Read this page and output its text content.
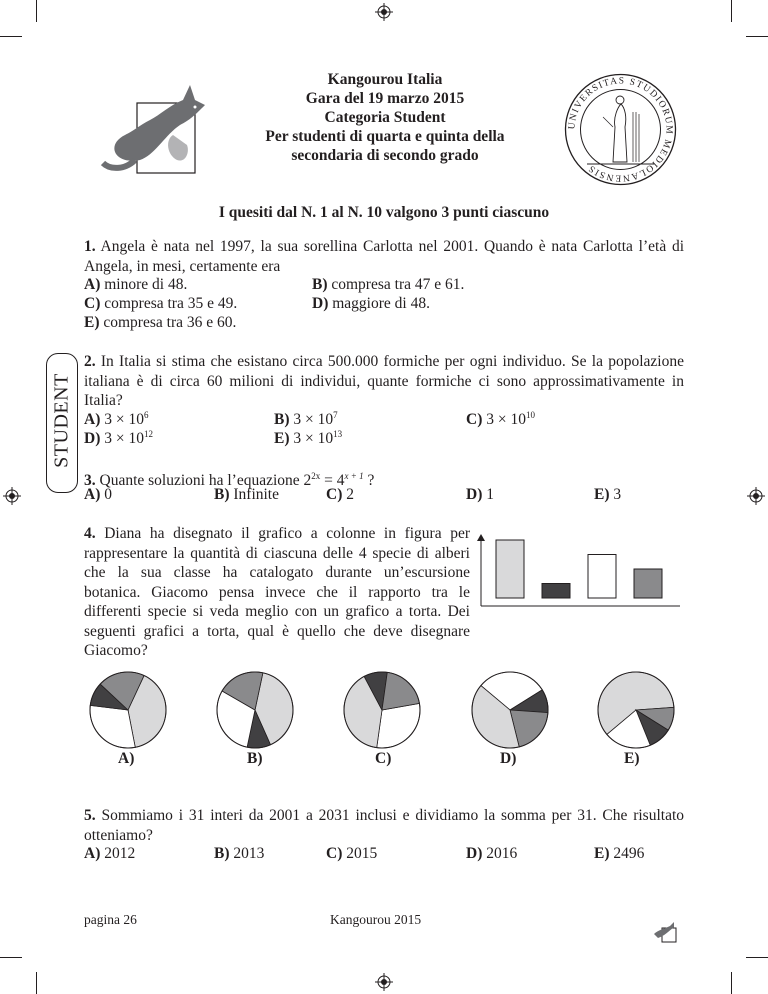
Kangourou Italia
Gara del 19 marzo 2015
Categoria Student
Per studenti di quarta e quinta della
secondaria di secondo grado
UNIVERSITAS STUDIORUM MEDIOLANENSIS
STUDENT
I quesiti dal N. 1 al N. 10 valgono 3 punti ciascuno
1. Angela è nata nel 1997, la sua sorellina Carlotta nel 2001. Quando è nata Carlotta l’età di Angela, in mesi, certamente era
A) minore di 48.	B) compresa tra 47 e 61.
C) compresa tra 35 e 49.	D) maggiore di 48.
E) compresa tra 36 e 60.
2. In Italia si stima che esistano circa 500.000 formiche per ogni individuo. Se la popolazione italiana è di circa 60 milioni di individui, quante formiche ci sono approssimativamente in Italia?
A) $3 \times 10^6$	B) $3 \times 10^7$	C) $3 \times 10^{10}$
D) $3 \times 10^{12}$	E) $3 \times 10^{13}$
3. Quante soluzioni ha l’equazione $2^{2x} = 4^{x + 1}$ ?
A) 0	B) Infinite	C) 2	D) 1	E) 3
4. Diana ha disegnato il grafico a colonne in figura per rappresentare la quantità di ciascuna delle 4 specie di alberi che la sua classe ha catalogato durante un’escursione botanica. Giacomo pensa invece che il rapporto tra le differenti specie si veda meglio con un grafico a torta. Dei seguenti grafici a torta, qual è quello che deve disegnare Giacomo?
A)	B)	C)	D)	E)
5. Sommiamo i 31 interi da 2001 a 2031 inclusi e dividiamo la somma per 31. Che risultato otteniamo?
A) 2012	B) 2013	C) 2015	D) 2016	E) 2496
pagina 26	Kangourou 2015
